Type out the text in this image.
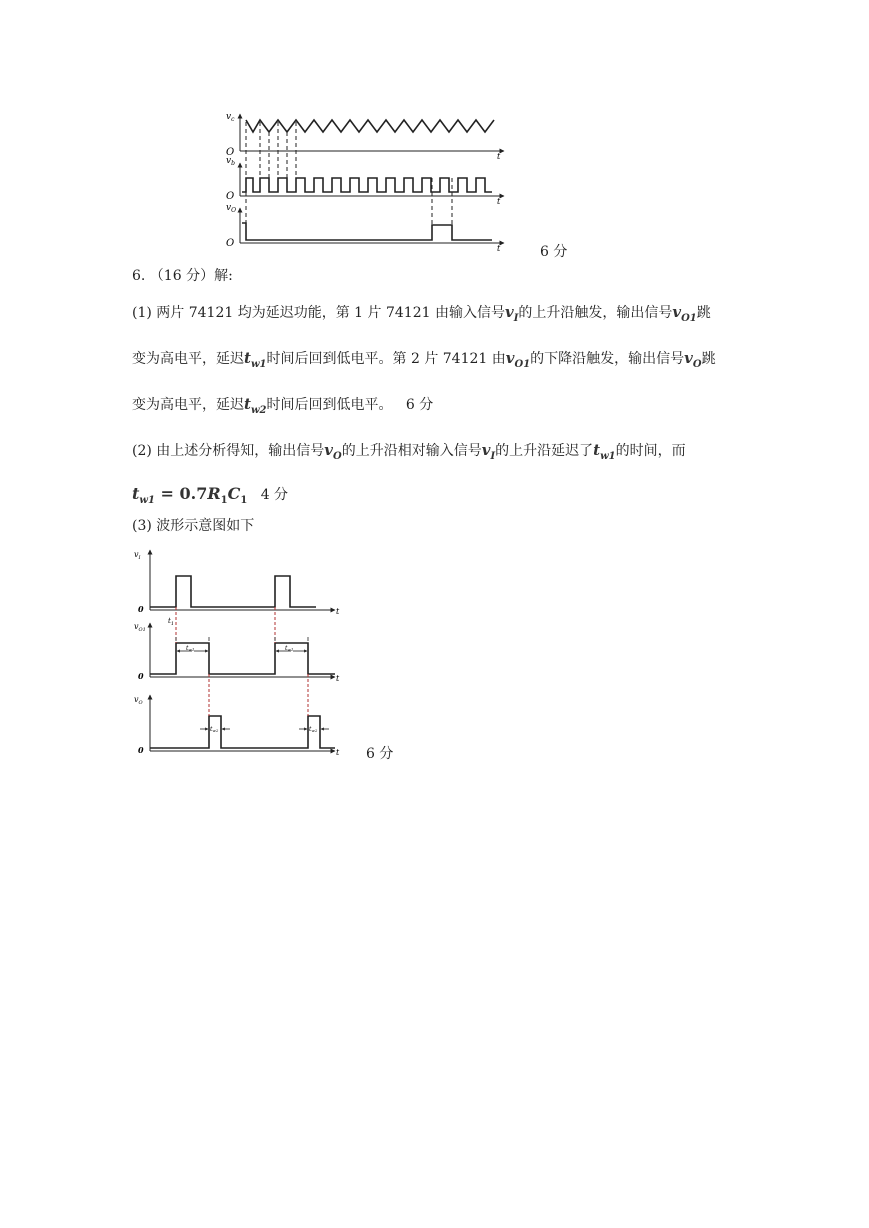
$v_c$
O
$v_b$
O
$v_O$
O
t
t
t	6 分
6. （16 分）解:
(1) 两片 74121 均为延迟功能，第 1 片 74121 由输入信号$v_I$的上升沿触发，输出信号$v_{O1}$跳
变为高电平，延迟$t_{w1}$时间后回到低电平。第 2 片 74121 由$v_{O1}$的下降沿触发，输出信号$v_O$跳
变为高电平，延迟$t_{w2}$时间后回到低电平。 6 分
(2) 由上述分析得知，输出信号$v_O$的上升沿相对输入信号$v_I$的上升沿延迟了$t_{w1}$的时间，而
$t_{w1} = 0.7R_1C_1$ 4 分
(3) 波形示意图如下
$v_I$
0
$v_{O1}$
0
$v_O$
0
t
t
t
$t_1$
tw1	tw1
tw2	tw2
6 分
